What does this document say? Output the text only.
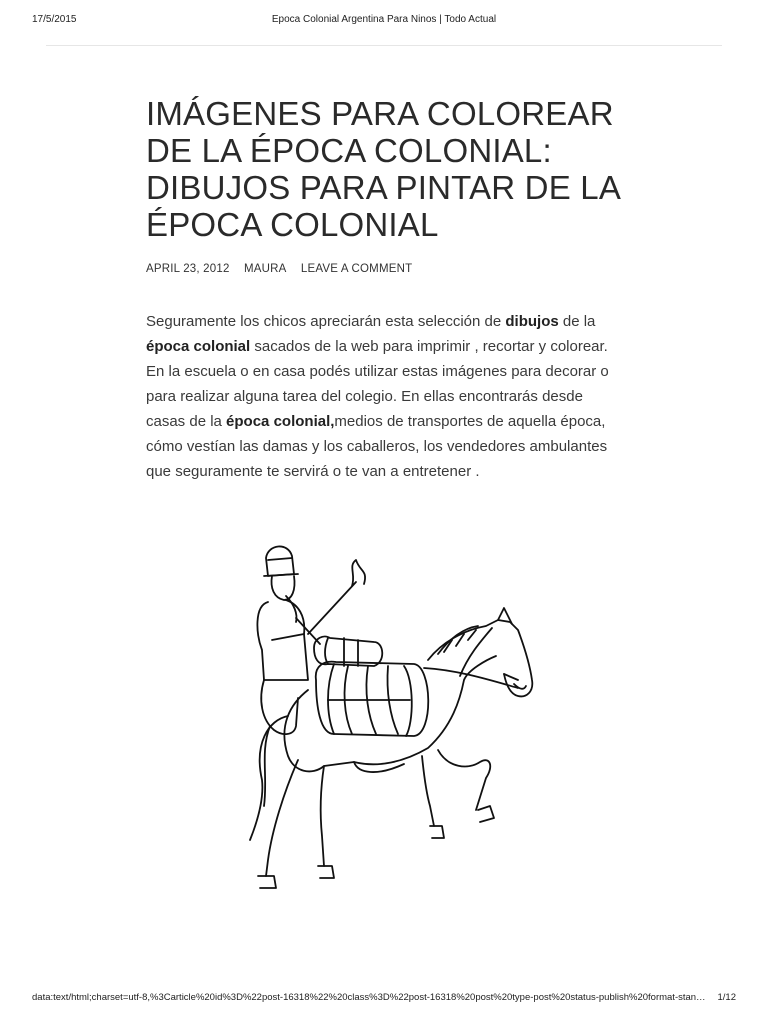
17/5/2015	Epoca Colonial Argentina Para Ninos | Todo Actual
IMÁGENES PARA COLOREAR DE LA ÉPOCA COLONIAL: DIBUJOS PARA PINTAR DE LA ÉPOCA COLONIAL
APRIL 23, 2012 MAURA LEAVE A COMMENT

Seguramente los chicos apreciarán esta selección de dibujos de la época colonial sacados de la web para imprimir , recortar y colorear. En la escuela o en casa podés utilizar estas imágenes para decorar o para realizar alguna tarea del colegio. En ellas encontrarás desde casas de la época colonial,medios de transportes de aquella época, cómo vestían las damas y los caballeros, los vendedores ambulantes que seguramente te servirá o te van a entretener .

data:text/html;charset=utf-8,%3Carticle%20id%3D%22post-16318%22%20class%3D%22post-16318%20post%20type-post%20status-publish%20format-stan…	1/12
